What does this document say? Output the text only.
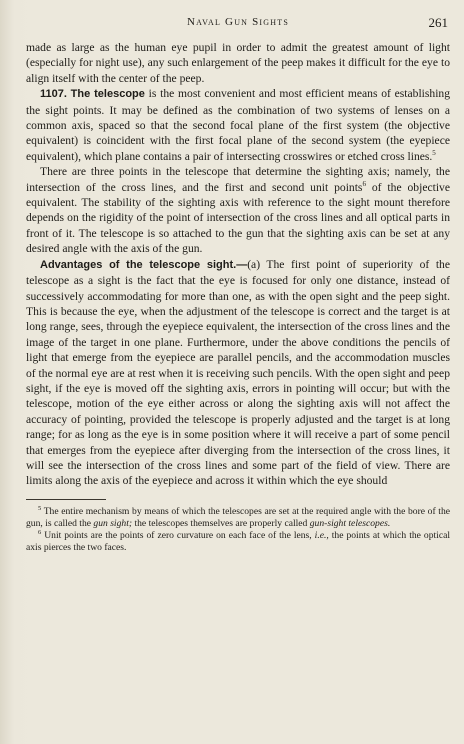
Naval Gun Sights	261

made as large as the human eye pupil in order to admit the greatest amount of light (especially for night use), any such enlargement of the peep makes it difficult for the eye to align itself with the center of the peep.

1107. The telescope is the most convenient and most efficient means of establishing the sight points. It may be defined as the combination of two systems of lenses on a common axis, spaced so that the second focal plane of the first system (the objective equivalent) is coincident with the first focal plane of the second system (the eyepiece equivalent), which plane contains a pair of intersecting crosswires or etched cross lines.$^5$

There are three points in the telescope that determine the sighting axis; namely, the intersection of the cross lines, and the first and second unit points$^6$ of the objective equivalent. The stability of the sighting axis with reference to the sight mount therefore depends on the rigidity of the point of intersection of the cross lines and all optical parts in front of it. The telescope is so attached to the gun that the sighting axis can be set at any desired angle with the axis of the gun.

Advantages of the telescope sight.—(a) The first point of superiority of the telescope as a sight is the fact that the eye is focused for only one distance, instead of successively accommodating for more than one, as with the open sight and the peep sight. This is because the eye, when the adjustment of the telescope is correct and the target is at long range, sees, through the eyepiece equivalent, the intersection of the cross lines and the image of the target in one plane. Furthermore, under the above conditions the pencils of light that emerge from the eyepiece are parallel pencils, and the accommodation muscles of the normal eye are at rest when it is receiving such pencils. With the open sight and peep sight, if the eye is moved off the sighting axis, errors in pointing will occur; but with the telescope, motion of the eye either across or along the sighting axis will not affect the accuracy of pointing, provided the telescope is properly adjusted and the target is at long range; for as long as the eye is in some position where it will receive a part of some pencil that emerges from the eyepiece after diverging from the intersection of the cross lines, it will see the intersection of the cross lines and some part of the field of view. There are limits along the axis of the eyepiece and across it within which the eye should

$^5$ The entire mechanism by means of which the telescopes are set at the required angle with the bore of the gun, is called the gun sight; the telescopes themselves are properly called gun-sight telescopes.

$^6$ Unit points are the points of zero curvature on each face of the lens, i.e., the points at which the optical axis pierces the two faces.
